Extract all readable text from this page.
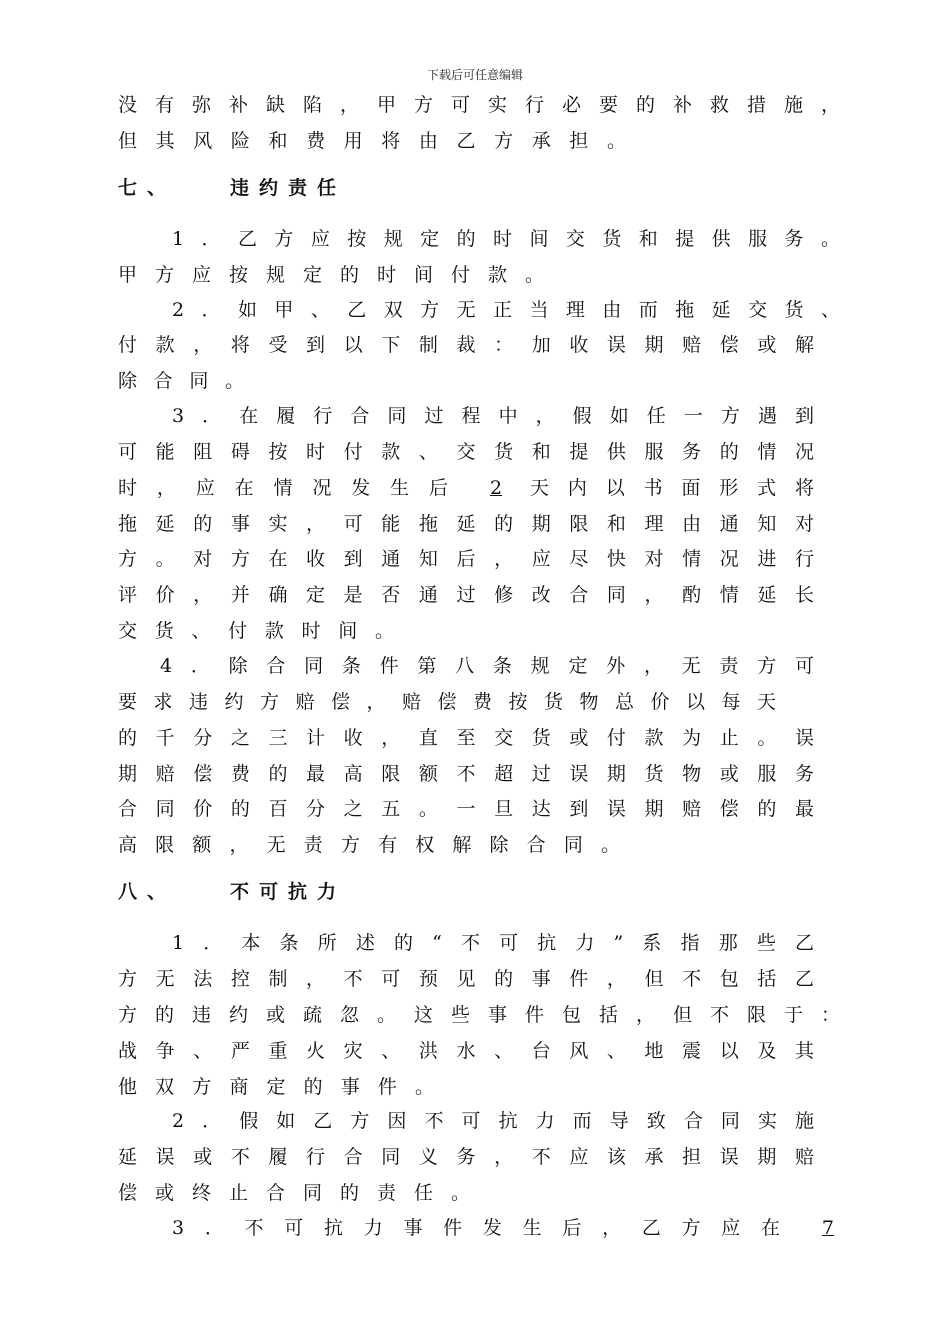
下载后可任意编辑
没有弥补缺陷，甲方可实行必要的补救措施，
但其风险和费用将由乙方承担。
七、	违约责任
1．乙方应按规定的时间交货和提供服务。
甲方应按规定的时间付款。
2．如甲、乙双方无正当理由而拖延交货、
付款，将受到以下制裁：加收误期赔偿或解
除合同。
3．在履行合同过程中，假如任一方遇到
可能阻碍按时付款、交货和提供服务的情况
时，应在情况发生后	2	天内以书面形式将
拖延的事实，可能拖延的期限和理由通知对
方。对方在收到通知后，应尽快对情况进行
评价，并确定是否通过修改合同，酌情延长
交货、付款时间。
4．除合同条件第八条规定外，无责方可
要求违约方赔偿，赔偿费按货物总价以每天
的千分之三计收，直至交货或付款为止。误
期赔偿费的最高限额不超过误期货物或服务
合同价的百分之五。一旦达到误期赔偿的最
高限额，无责方有权解除合同。
八、	不可抗力
1．本条所述的“不可抗力”系指那些乙
方无法控制，不可预见的事件，但不包括乙
方的违约或疏忽。这些事件包括，但不限于：
战争、严重火灾、洪水、台风、地震以及其
他双方商定的事件。
2．假如乙方因不可抗力而导致合同实施
延误或不履行合同义务，不应该承担误期赔
偿或终止合同的责任。
3．不可抗力事件发生后，乙方应在	7
